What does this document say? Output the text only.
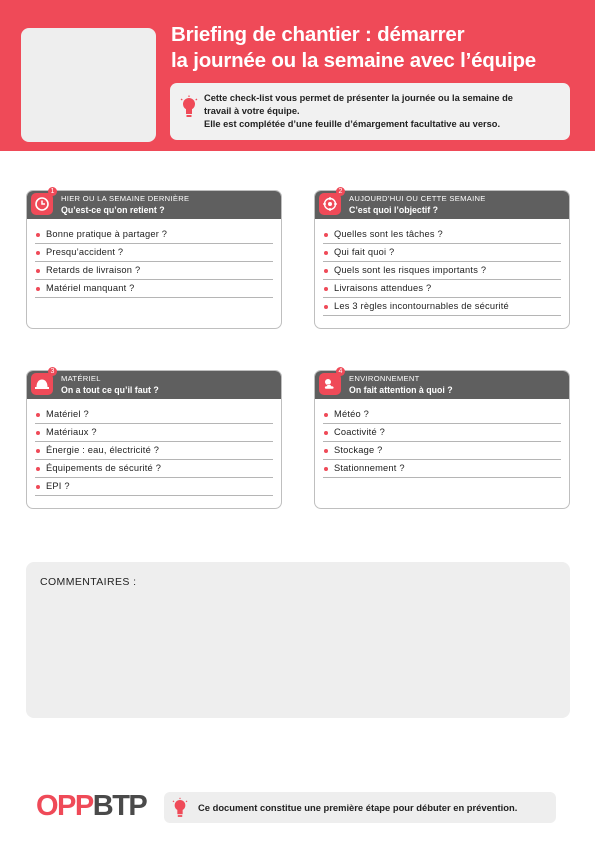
Briefing de chantier : démarrer
la journée ou la semaine avec l’équipe
Cette check-list vous permet de présenter la journée ou la semaine de
travail à votre équipe.
Elle est complétée d’une feuille d’émargement facultative au verso.
1
HIER OU LA SEMAINE DERNIÈRE
Qu’est-ce qu’on retient ?
Bonne pratique à partager ?
Presqu’accident ?
Retards de livraison ?
Matériel manquant ?
2
AUJOURD’HUI OU CETTE SEMAINE
C’est quoi l’objectif ?
Quelles sont les tâches ?
Qui fait quoi ?
Quels sont les risques importants ?
Livraisons attendues ?
Les 3 règles incontournables de sécurité
3
MATÉRIEL
On a tout ce qu’il faut ?
Matériel ?
Matériaux ?
Énergie : eau, électricité ?
Équipements de sécurité ?
EPI ?
4
ENVIRONNEMENT
On fait attention à quoi ?
Météo ?
Coactivité ?
Stockage ?
Stationnement ?
COMMENTAIRES :
OPPBTP	Ce document constitue une première étape pour débuter en prévention.
